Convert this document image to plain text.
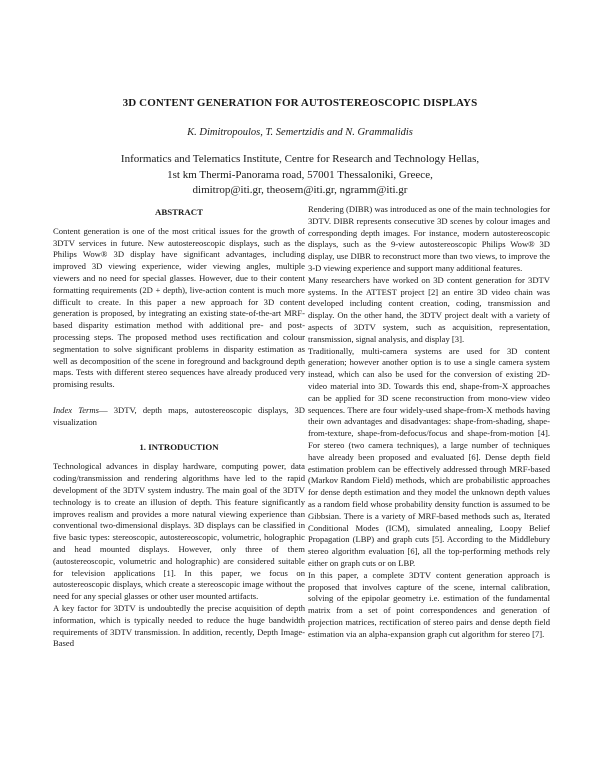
3D CONTENT GENERATION FOR AUTOSTEREOSCOPIC DISPLAYS
K. Dimitropoulos, T. Semertzidis and N. Grammalidis
Informatics and Telematics Institute, Centre for Research and Technology Hellas,
1st km Thermi-Panorama road, 57001 Thessaloniki, Greece,
dimitrop@iti.gr, theosem@iti.gr, ngramm@iti.gr
ABSTRACT

Content generation is one of the most critical issues for the growth of 3DTV services in future. New autostereoscopic displays, such as the Philips Wow® 3D display have significant advantages, including improved 3D viewing experience, wider viewing angles, multiple viewers and no need for special glasses. However, due to their content formatting requirements (2D + depth), live-action content is much more difficult to create. In this paper a new approach for 3D content generation is proposed, by integrating an existing state-of-the-art MRF-based disparity estimation method with additional pre- and post-processing steps. The proposed method uses rectification and colour segmentation to solve significant problems in disparity estimation as well as decomposition of the scene in foreground and background depth maps. Tests with different stereo sequences have already produced very promising results.

Index Terms— 3DTV, depth maps, autostereoscopic displays, 3D visualization

1. INTRODUCTION

Technological advances in display hardware, computing power, data coding/transmission and rendering algorithms have led to the rapid development of the 3DTV system industry. The main goal of the 3DTV technology is to create an illusion of depth. This feature significantly improves realism and provides a more natural viewing experience than conventional two-dimensional displays. 3D displays can be classified in five basic types: stereoscopic, autostereoscopic, volumetric, holographic and head mounted displays. However, only three of them (autostereoscopic, volumetric and holographic) are considered suitable for television applications [1]. In this paper, we focus on autostereoscopic displays, which create a stereoscopic image without the need for any special glasses or other user mounted artifacts.

A key factor for 3DTV is undoubtedly the precise acquisition of depth information, which is typically needed to reduce the huge bandwidth requirements of 3DTV transmission. In addition, recently, Depth Image-Based

Rendering (DIBR) was introduced as one of the main technologies for 3DTV. DIBR represents consecutive 3D scenes by colour images and corresponding depth images. For instance, modern autostereoscopic displays, such as the 9-view autostereoscopic Philips Wow® 3D display, use DIBR to reconstruct more than two views, to improve the 3-D viewing experience and support many additional features.

Many researchers have worked on 3D content generation for 3DTV systems. In the ATTEST project [2] an entire 3D video chain was developed including content creation, coding, transmission and display. On the other hand, the 3DTV project dealt with a variety of aspects of 3DTV system, such as acquisition, representation, transmission, signal analysis, and display [3].

Traditionally, multi-camera systems are used for 3D content generation; however another option is to use a single camera system instead, which can also be used for the conversion of existing 2D-video material into 3D. Towards this end, shape-from-X approaches can be applied for 3D scene reconstruction from mono-view video sequences. There are four widely-used shape-from-X methods having their own advantages and disadvantages: shape-from-shading, shape-from-texture, shape-from-defocus/focus and shape-from-motion [4]. For stereo (two camera techniques), a large number of techniques have already been proposed and evaluated [6]. Dense depth field estimation problem can be effectively addressed through MRF-based (Markov Random Field) methods, which are probabilistic approaches for dense depth estimation and they model the unknown depth values as a random field whose probability density function is assumed to be Gibbsian. There is a variety of MRF-based methods such as, Iterated Conditional Modes (ICM), simulated annealing, Loopy Belief Propagation (LBP) and graph cuts [5]. According to the Middlebury stereo algorithm evaluation [6], all the top-performing methods rely either on graph cuts or on LBP.

In this paper, a complete 3DTV content generation approach is proposed that involves capture of the scene, internal calibration, solving of the epipolar geometry i.e. estimation of the fundamental matrix from a set of point correspondences and generation of projection matrices, rectification of stereo pairs and dense depth field estimation via an alpha-expansion graph cut algorithm for stereo [7].
